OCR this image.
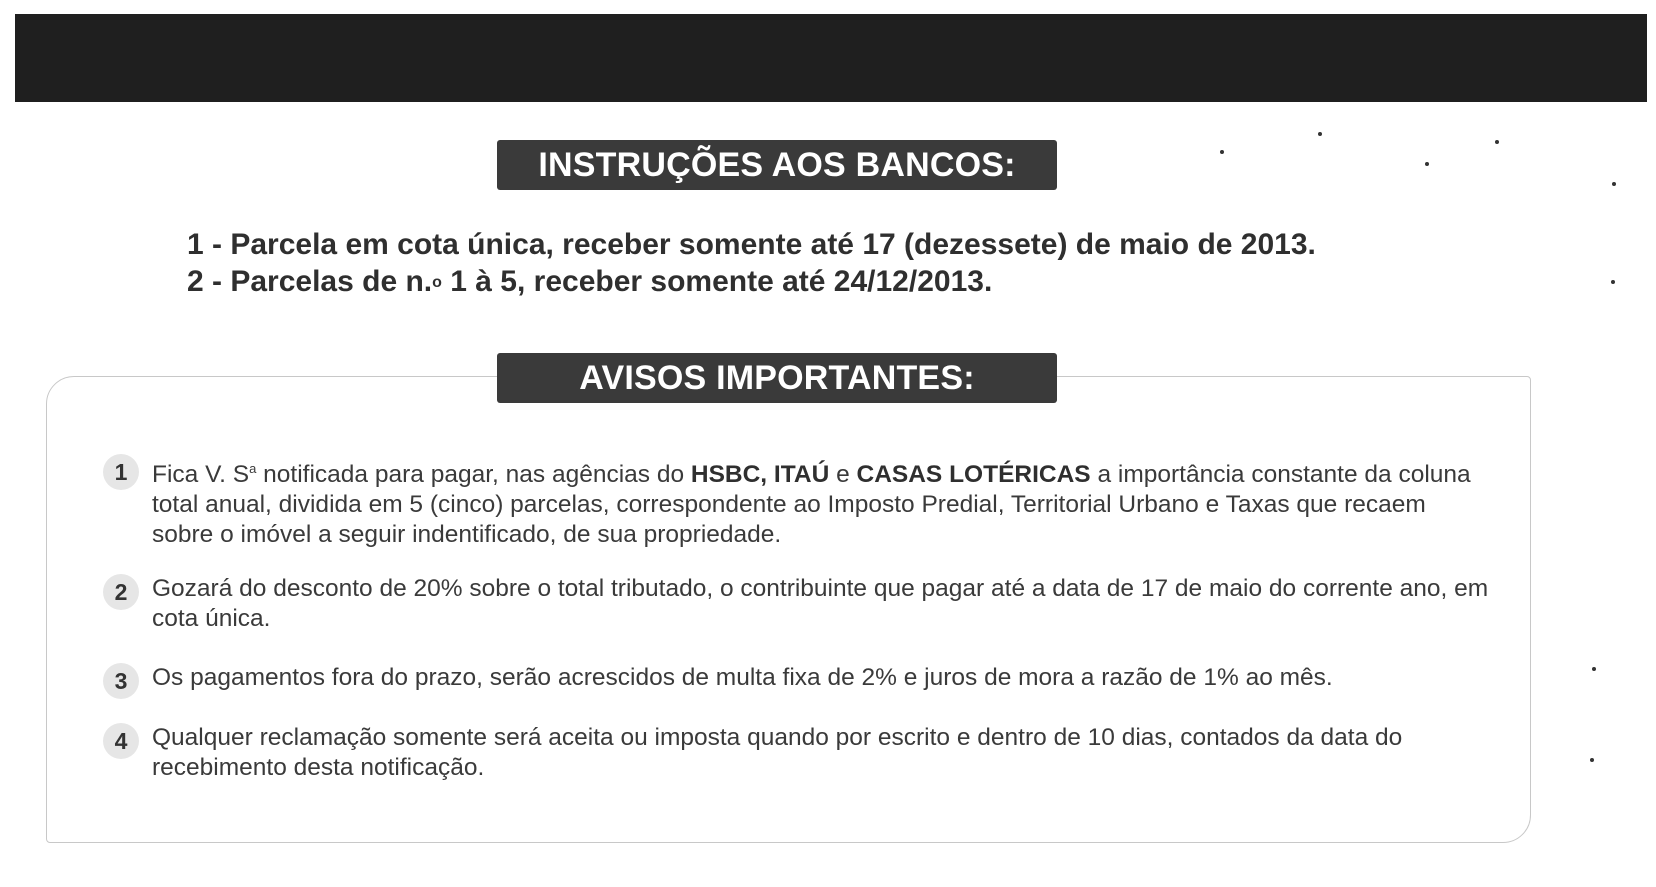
INSTRUÇÕES AOS BANCOS:
1 - Parcela em cota única, receber somente até 17 (dezessete) de maio de 2013.
2 - Parcelas de n.o 1 à 5, receber somente até 24/12/2013.
AVISOS IMPORTANTES:
1	Fica V. $S^a$ notificada para pagar, nas agências do HSBC, ITAÚ e CASAS LOTÉRICAS a importância constante da coluna total anual, dividida em 5 (cinco) parcelas, correspondente ao Imposto Predial, Territorial Urbano e Taxas que recaem sobre o imóvel a seguir indentificado, de sua propriedade.
2	Gozará do desconto de 20% sobre o total tributado, o contribuinte que pagar até a data de 17 de maio do corrente ano, em cota única.
3	Os pagamentos fora do prazo, serão acrescidos de multa fixa de 2% e juros de mora a razão de 1% ao mês.
4	Qualquer reclamação somente será aceita ou imposta quando por escrito e dentro de 10 dias, contados da data do recebimento desta notificação.
